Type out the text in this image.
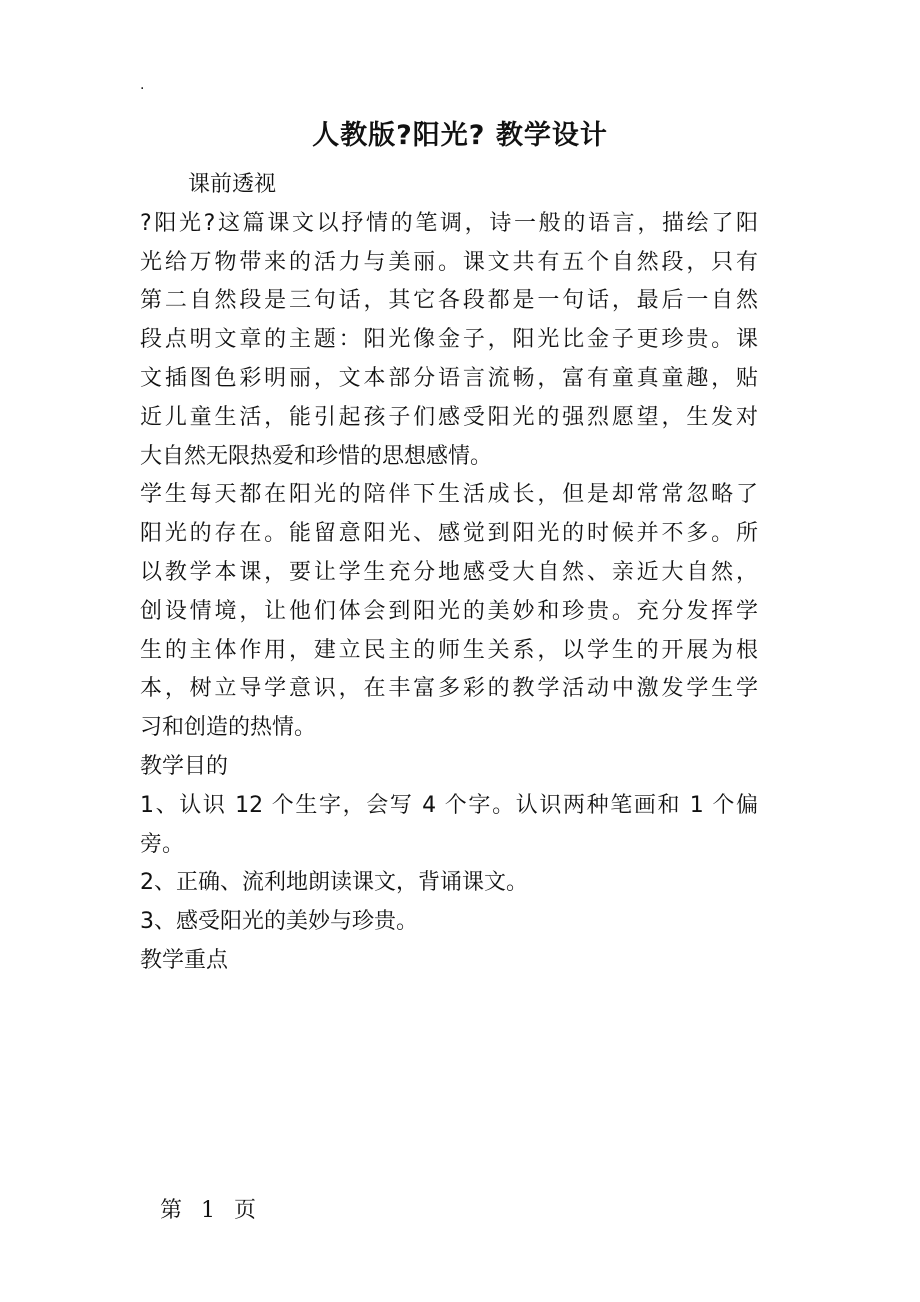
.
人教版?阳光? 教学设计
课前透视
?阳光?这篇课文以抒情的笔调，诗一般的语言，描绘了阳
光给万物带来的活力与美丽。课文共有五个自然段，只有
第二自然段是三句话，其它各段都是一句话，最后一自然
段点明文章的主题：阳光像金子，阳光比金子更珍贵。课
文插图色彩明丽，文本部分语言流畅，富有童真童趣，贴
近儿童生活，能引起孩子们感受阳光的强烈愿望，生发对
大自然无限热爱和珍惜的思想感情。
学生每天都在阳光的陪伴下生活成长，但是却常常忽略了
阳光的存在。能留意阳光、感觉到阳光的时候并不多。所
以教学本课，要让学生充分地感受大自然、亲近大自然，
创设情境，让他们体会到阳光的美妙和珍贵。充分发挥学
生的主体作用，建立民主的师生关系，以学生的开展为根
本，树立导学意识，在丰富多彩的教学活动中激发学生学
习和创造的热情。
教学目的
1、认识 12 个生字，会写 4 个字。认识两种笔画和 1 个偏
旁。
2、正确、流利地朗读课文，背诵课文。
3、感受阳光的美妙与珍贵。
教学重点
第 1 页
